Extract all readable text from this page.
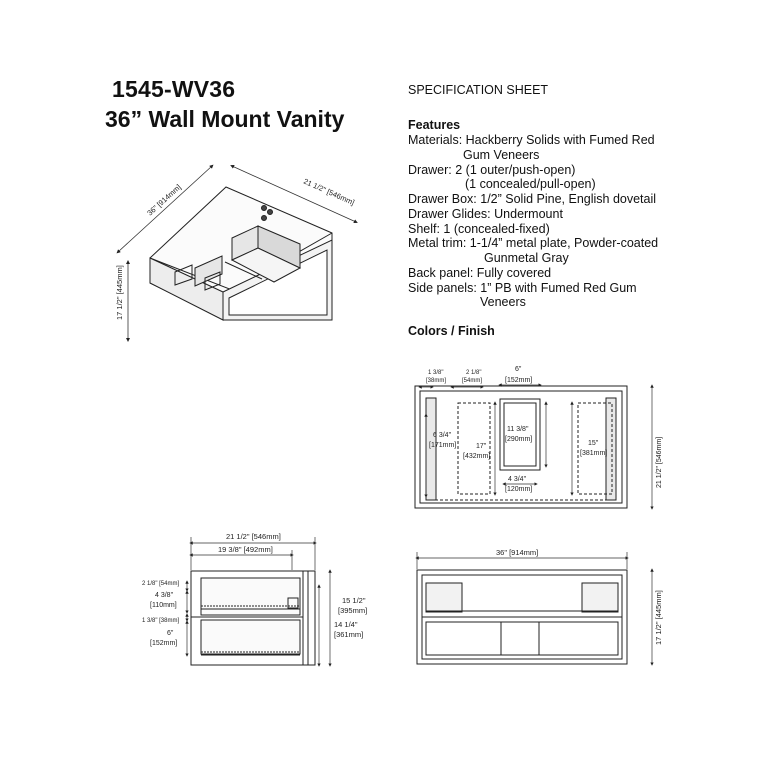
1545-WV36
36” Wall Mount Vanity
SPECIFICATION SHEET
Features
Materials: Hackberry Solids with Fumed Red
Gum Veneers
Drawer: 2 (1 outer/push-open)
(1 concealed/pull-open)
Drawer Box: 1/2” Solid Pine, English dovetail
Drawer Glides: Undermount
Shelf: 1 (concealed-fixed)
Metal trim: 1-1/4” metal plate, Powder-coated
Gunmetal Gray
Back panel: Fully covered
Side panels: 1” PB with Fumed Red Gum
Veneers
Colors / Finish
36" [914mm]	21 1/2" [546mm]
17 1/2" [445mm]
1 3/8"
[38mm]
2 1/8"
[54mm]
6"
[152mm]
6 3/4"
[171mm]	17"
[432mm]
11 3/8"
[290mm]
15"
[381mm]
4 3/4"
[120mm]
21 1/2" [546mm]
21 1/2" [546mm]
19 3/8" [492mm]
2 1/8" [54mm]
4 3/8"
[110mm]
1 3/8" [38mm]
6"
[152mm]
15 1/2"
[395mm]
14 1/4"
[361mm]
36" [914mm]
17 1/2" [445mm]
